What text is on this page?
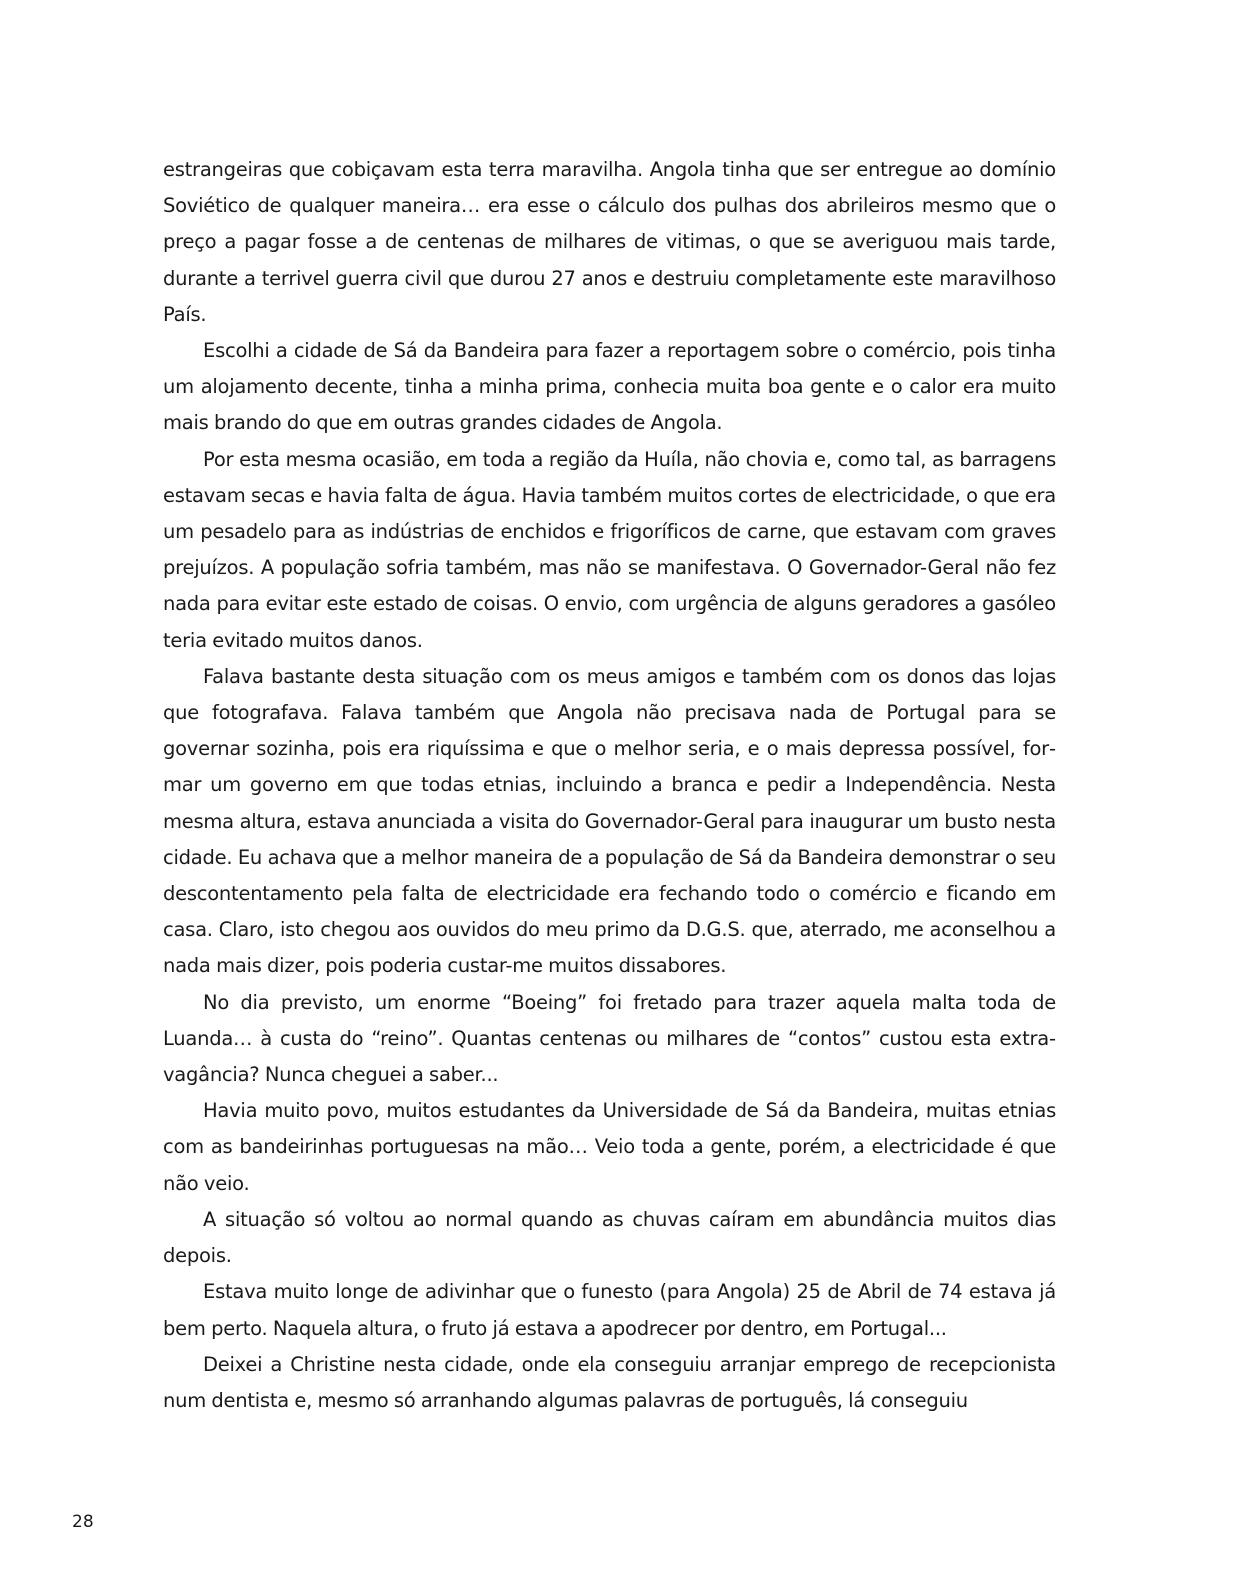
estrangeiras que cobiçavam esta terra maravilha. Angola tinha que ser entregue ao domínio Soviético de qualquer maneira… era esse o cálculo dos pulhas dos abrileiros mesmo que o preço a pagar fosse a de centenas de milhares de vitimas, o que se averiguou mais tarde, durante a terrivel guerra civil que durou 27 anos e destruiu completamente este maravilhoso País.

Escolhi a cidade de Sá da Bandeira para fazer a reportagem sobre o comércio, pois tinha um alojamento decente, tinha a minha prima, conhecia muita boa gente e o calor era muito mais brando do que em outras grandes cidades de Angola.

Por esta mesma ocasião, em toda a região da Huíla, não chovia e, como tal, as barragens estavam secas e havia falta de água. Havia também muitos cortes de electricidade, o que era um pesadelo para as indústrias de enchidos e frigoríficos de carne, que estavam com graves prejuízos. A população sofria também, mas não se manifestava. O Governador-Geral não fez nada para evitar este estado de coisas. O envio, com urgência de alguns geradores a gasóleo teria evitado muitos danos.

Falava bastante desta situação com os meus amigos e também com os donos das lojas que fotografava. Falava também que Angola não precisava nada de Portugal para se governar sozinha, pois era riquíssima e que o melhor seria, e o mais depressa possível, formar um governo em que todas etnias, incluindo a branca e pedir a Independência. Nesta mesma altura, estava anunciada a visita do Governador-Geral para inaugurar um busto nesta cidade. Eu achava que a melhor maneira de a população de Sá da Bandeira demonstrar o seu descontentamento pela falta de electricidade era fechando todo o comércio e ficando em casa. Claro, isto chegou aos ouvidos do meu primo da D.G.S. que, aterrado, me aconselhou a nada mais dizer, pois poderia custar-me muitos dissabores.

No dia previsto, um enorme “Boeing” foi fretado para trazer aquela malta toda de Luanda… à custa do “reino”. Quantas centenas ou milhares de “contos” custou esta extravagância? Nunca cheguei a saber...

Havia muito povo, muitos estudantes da Universidade de Sá da Bandeira, muitas etnias com as bandeirinhas portuguesas na mão… Veio toda a gente, porém, a electricidade é que não veio.

A situação só voltou ao normal quando as chuvas caíram em abundância muitos dias depois.

Estava muito longe de adivinhar que o funesto (para Angola) 25 de Abril de 74 estava já bem perto. Naquela altura, o fruto já estava a apodrecer por dentro, em Portugal...

Deixei a Christine nesta cidade, onde ela conseguiu arranjar emprego de recepcionista num dentista e, mesmo só arranhando algumas palavras de português, lá conseguiu

28
